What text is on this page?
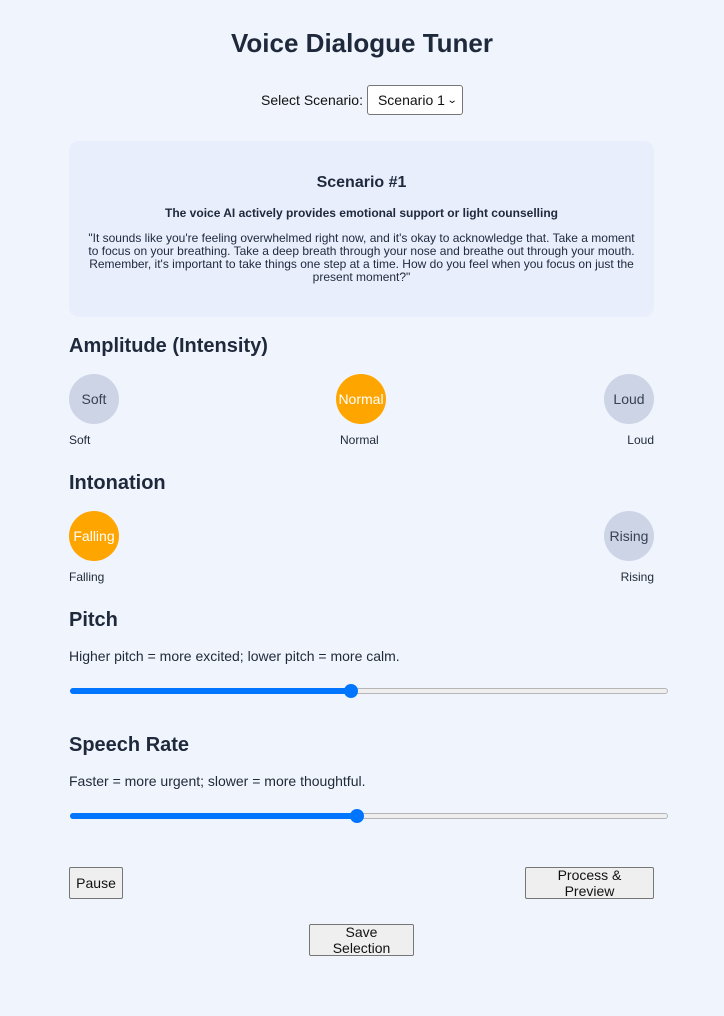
Voice Dialogue Tuner
Select Scenario: Scenario 1 ⌄
Scenario #1
The voice AI actively provides emotional support or light counselling
"It sounds like you're feeling overwhelmed right now, and it's okay to acknowledge that. Take a moment to focus on your breathing. Take a deep breath through your nose and breathe out through your mouth. Remember, it's important to take things one step at a time. How do you feel when you focus on just the present moment?"
Amplitude (Intensity)
Soft	Normal	Loud
Soft	Normal	Loud
Intonation
Falling	Rising
Falling	Rising
Pitch
Higher pitch = more excited; lower pitch = more calm.
Speech Rate
Faster = more urgent; slower = more thoughtful.
Pause	Process & Preview
Save Selection
